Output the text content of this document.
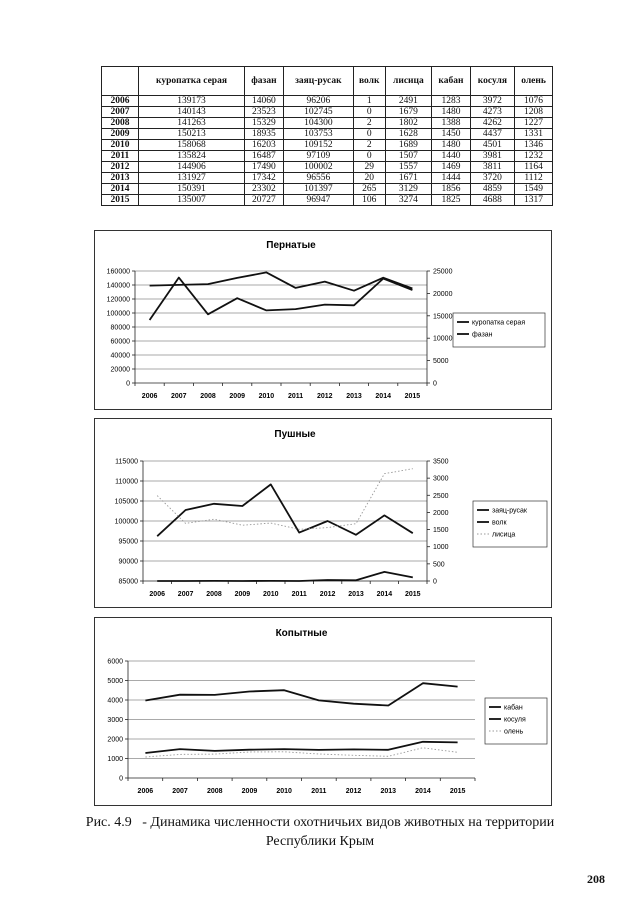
	куропатка серая	фазан	заяц-русак	волк	лисица	кабан	косуля	олень
2006	139173	14060	96206	1	2491	1283	3972	1076
2007	140143	23523	102745	0	1679	1480	4273	1208
2008	141263	15329	104300	2	1802	1388	4262	1227
2009	150213	18935	103753	0	1628	1450	4437	1331
2010	158068	16203	109152	2	1689	1480	4501	1346
2011	135824	16487	97109	0	1507	1440	3981	1232
2012	144906	17490	100002	29	1557	1469	3811	1164
2013	131927	17342	96556	20	1671	1444	3720	1112
2014	150391	23302	101397	265	3129	1856	4859	1549
2015	135007	20727	96947	106	3274	1825	4688	1317
Пернатые
0
20000
40000
60000
80000
100000
120000
140000
160000
0
5000
10000
15000
20000
25000
2006 2007 2008 2009 2010 2011 2012 2013 2014 2015
куропатка серая
фазан
Пушные
85000
90000
95000
100000
105000
110000
115000
0
500
1000
1500
2000
2500
3000
3500
2006 2007 2008 2009 2010 2011 2012 2013 2014 2015
заяц-русак
волк
лисица
Копытные
0
1000
2000
3000
4000
5000
6000
2006	2007	2008	2009	2010	2011	2012	2013	2014	2015
кабан
косуля
олень
Рис. 4.9   - Динамика численности охотничьих видов животных на территории
Республики Крым
208
